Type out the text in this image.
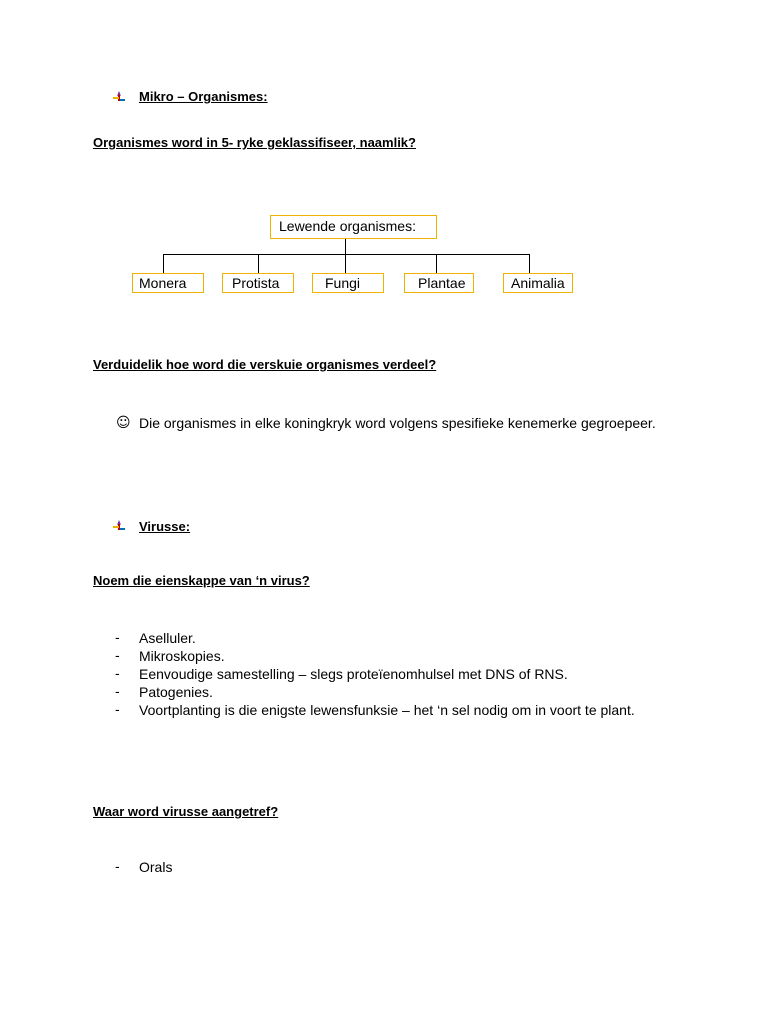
Mikro – Organismes:
Organismes word in 5- ryke geklassifiseer, naamlik?
Lewende organismes:
Monera	Protista	Fungi	Plantae	Animalia
Verduidelik hoe word die verskuie organismes verdeel?
☺ Die organismes in elke koningkryk word volgens spesifieke kenemerke gegroepeer.
Virusse:
Noem die eienskappe van ‘n virus?
- Aselluler.
- Mikroskopies.
- Eenvoudige samestelling – slegs proteïenomhulsel met DNS of RNS.
- Patogenies.
- Voortplanting is die enigste lewensfunksie – het ‘n sel nodig om in voort te plant.
Waar word virusse aangetref?
- Orals
